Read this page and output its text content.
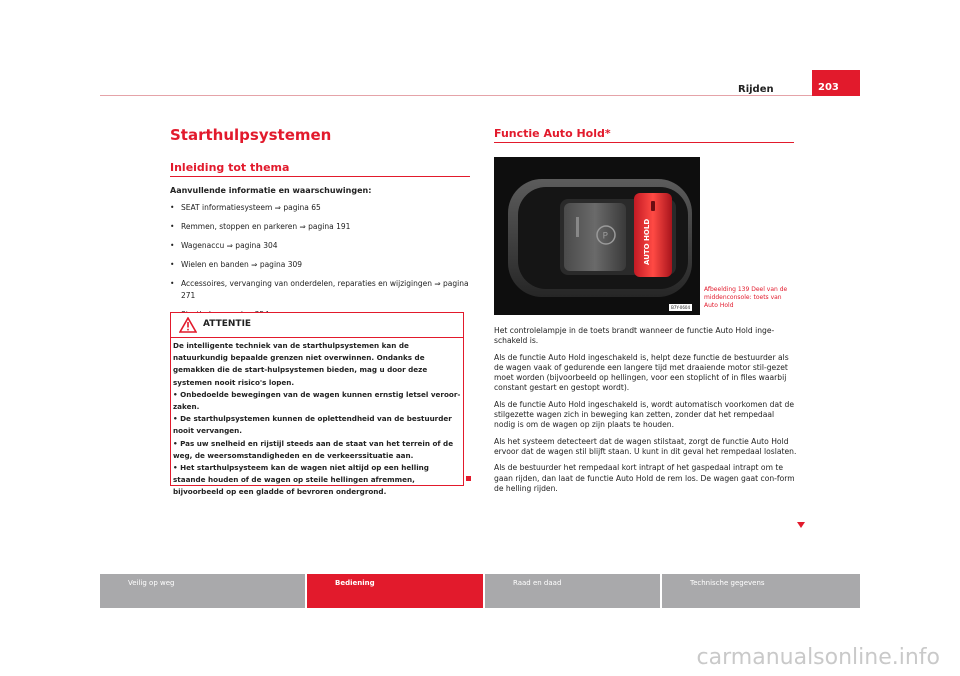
Rijden	203
Starthulpsystemen
Inleiding tot thema
Aanvullende informatie en waarschuwingen:
• SEAT informatiesysteem ⇒ pagina 65
• Remmen, stoppen en parkeren ⇒ pagina 191
• Wagenaccu ⇒ pagina 304
• Wielen en banden ⇒ pagina 309
• Accessoires, vervanging van onderdelen, reparaties en wijzigingen ⇒ pagina 271
•
ATTENTIE

De intelligente techniek van de starthulpsystemen kan de natuurkundig bepaalde grenzen niet overwinnen. Ondanks de gemakken die de start-hulpsystemen bieden, mag u door deze systemen nooit risico's lopen.

• Onbedoelde bewegingen van de wagen kunnen ernstig letsel veroor-zaken.

• De starthulpsystemen kunnen de oplettendheid van de bestuurder nooit vervangen.

• Pas uw snelheid en rijstijl steeds aan de staat van het terrein of de weg, de weersomstandigheden en de verkeerssituatie aan.

• Het starthulpsysteem kan de wagen niet altijd op een helling staande houden of de wagen op steile hellingen afremmen, bijvoorbeeld op een gladde of bevroren ondergrond.

Functie Auto Hold*
P	AUTO HOLD
B7Y-0604
Afbeelding 139 Deel van de middenconsole: toets van Auto Hold

Het controlelampje in de toets brandt wanneer de functie Auto Hold inge-schakeld is.

Als de functie Auto Hold ingeschakeld is, helpt deze functie de bestuurder als de wagen vaak of gedurende een langere tijd met draaiende motor stil-gezet moet worden (bijvoorbeeld op hellingen, voor een stoplicht of in files waarbij constant gestart en gestopt wordt).

Als de functie Auto Hold ingeschakeld is, wordt automatisch voorkomen dat de stilgezette wagen zich in beweging kan zetten, zonder dat het rempedaal nodig is om de wagen op zijn plaats te houden.

Als het systeem detecteert dat de wagen stilstaat, zorgt de functie Auto Hold ervoor dat de wagen stil blijft staan. U kunt in dit geval het rempedaal loslaten.

Als de bestuurder het rempedaal kort intrapt of het gaspedaal intrapt om te gaan rijden, dan laat de functie Auto Hold de rem los. De wagen gaat con-form de helling rijden.

Veilig op weg	Bediening	Raad en daad	Technische gegevens
carmanualsonline.info
